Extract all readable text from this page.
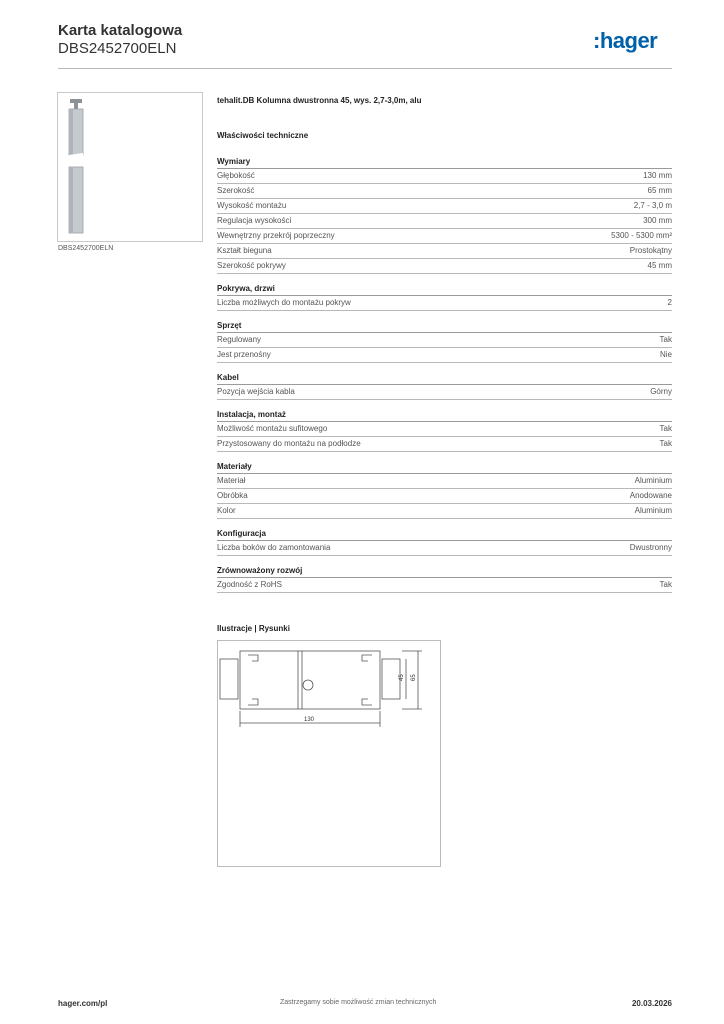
Karta katalogowa
DBS2452700ELN	:hager
DBS2452700ELN
tehalit.DB Kolumna dwustronna 45, wys. 2,7-3,0m, alu
Właściwości techniczne
Wymiary
Głębokość	130 mm
Szerokość	65 mm
Wysokość montażu	2,7 - 3,0 m
Regulacja wysokości	300 mm
Wewnętrzny przekrój poprzeczny	5300 - 5300 mm²
Kształt bieguna	Prostokątny
Szerokość pokrywy	45 mm
Pokrywa, drzwi
Liczba możliwych do montażu pokryw	2
Sprzęt
Regulowany	Tak
Jest przenośny	Nie
Kabel
Pozycja wejścia kabla	Górny
Instalacja, montaż
Możliwość montażu sufitowego	Tak
Przystosowany do montażu na podłodze	Tak
Materiały
Materiał	Aluminium
Obróbka	Anodowane
Kolor	Aluminium
Konfiguracja
Liczba boków do zamontowania	Dwustronny
Zrównoważony rozwój
Zgodność z RoHS	Tak
Ilustracje | Rysunki
130
45 65
hager.com/pl	Zastrzegamy sobie możliwość zmian technicznych	20.03.2026
